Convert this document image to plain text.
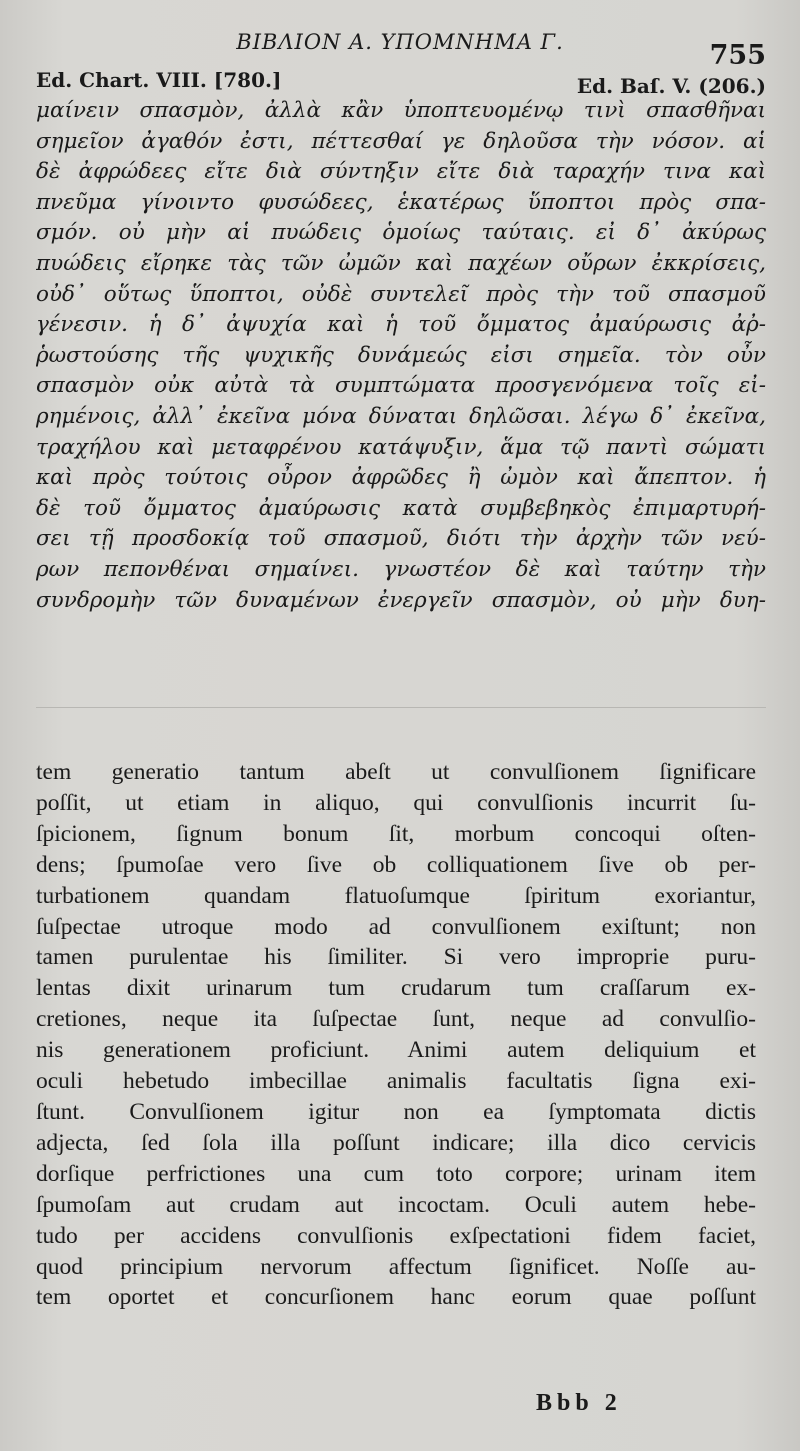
ΒΙΒΛΙΟΝ Α. ΥΠΟΜΝΗΜΑ Γ.	755
Ed. Chart. VIII. [780.]	Ed. Baſ. V. (206.)
μαίνειν σπασμὸν, ἀλλὰ κἂν ὑποπτευομένῳ τινὶ σπασθῆναι
σημεῖον ἀγαθόν ἐστι, πέττεσθαί γε δηλοῦσα τὴν νόσον. αἱ
δὲ ἀφρώδεες εἴτε διὰ σύντηξιν εἴτε διὰ ταραχήν τινα καὶ
πνεῦμα γίνοιντο φυσώδεες, ἑκατέρως ὕποπτοι πρὸς σπα-
σμόν. οὐ μὴν αἱ πυώδεις ὁμοίως ταύταις. εἰ δ᾽ ἀκύρως
πυώδεις εἴρηκε τὰς τῶν ὠμῶν καὶ παχέων οὔρων ἐκκρίσεις,
οὐδ᾽ οὕτως ὕποπτοι, οὐδὲ συντελεῖ πρὸς τὴν τοῦ σπασμοῦ
γένεσιν. ἡ δ᾽ ἀψυχία καὶ ἡ τοῦ ὄμματος ἀμαύρωσις ἀῤ-
ῥωστούσης τῆς ψυχικῆς δυνάμεώς εἰσι σημεῖα. τὸν οὖν
σπασμὸν οὐκ αὐτὰ τὰ συμπτώματα προσγενόμενα τοῖς εἰ-
ρημένοις, ἀλλ᾽ ἐκεῖνα μόνα δύναται δηλῶσαι. λέγω δ᾽ ἐκεῖνα,
τραχήλου καὶ μεταφρένου κατάψυξιν, ἅμα τῷ παντὶ σώματι
καὶ πρὸς τούτοις οὖρον ἀφρῶδες ἢ ὠμὸν καὶ ἄπεπτον. ἡ
δὲ τοῦ ὄμματος ἀμαύρωσις κατὰ συμβεβηκὸς ἐπιμαρτυρή-
σει τῇ προσδοκίᾳ τοῦ σπασμοῦ, διότι τὴν ἀρχὴν τῶν νεύ-
ρων πεπονθέναι σημαίνει. γνωστέον δὲ καὶ ταύτην τὴν
συνδρομὴν τῶν δυναμένων ἐνεργεῖν σπασμὸν, οὐ μὴν δυη-
tem generatio tantum abeſt ut convulſionem ſignificare
poſſit, ut etiam in aliquo, qui convulſionis incurrit ſu-
ſpicionem, ſignum bonum ſit, morbum concoqui oſten-
dens; ſpumoſae vero ſive ob colliquationem ſive ob per-
turbationem quandam flatuoſumque ſpiritum exoriantur,
ſuſpectae utroque modo ad convulſionem exiſtunt; non
tamen purulentae his ſimiliter. Si vero improprie puru-
lentas dixit urinarum tum crudarum tum craſſarum ex-
cretiones, neque ita ſuſpectae ſunt, neque ad convulſio-
nis generationem proficiunt. Animi autem deliquium et
oculi hebetudo imbecillae animalis facultatis ſigna exi-
ſtunt. Convulſionem igitur non ea ſymptomata dictis
adjecta, ſed ſola illa poſſunt indicare; illa dico cervicis
dorſique perfrictiones una cum toto corpore; urinam item
ſpumoſam aut crudam aut incoctam. Oculi autem hebe-
tudo per accidens convulſionis exſpectationi fidem faciet,
quod principium nervorum affectum ſignificet. Noſſe au-
tem oportet et concurſionem hanc eorum quae poſſunt
Bbb 2
